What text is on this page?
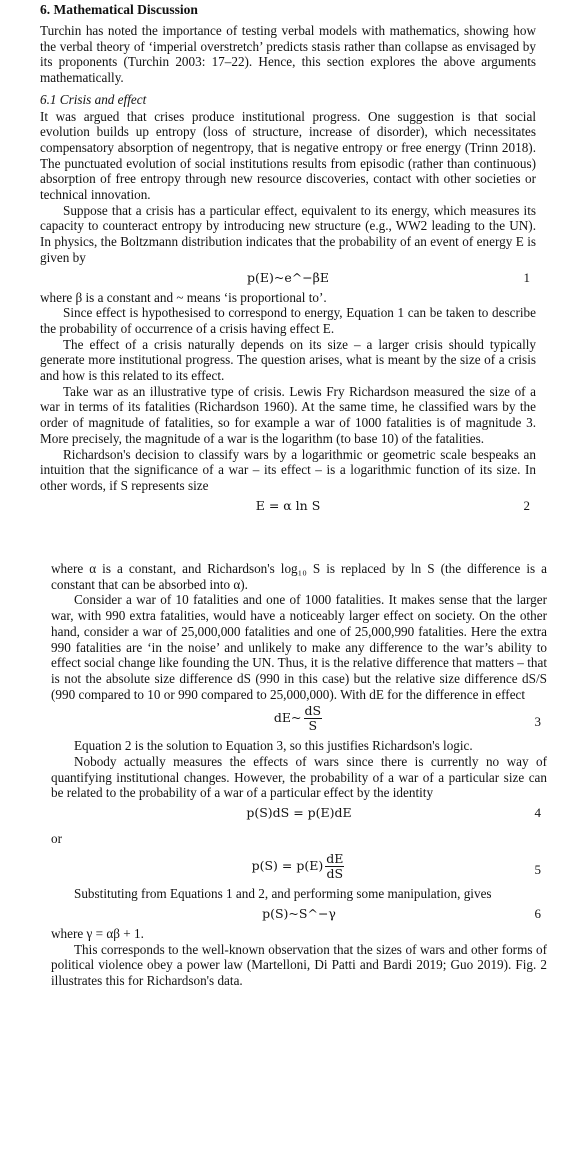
6. Mathematical Discussion

Turchin has noted the importance of testing verbal models with mathematics, showing how the verbal theory of ‘imperial overstretch’ predicts stasis rather than collapse as envisaged by its proponents (Turchin 2003: 17–22). Hence, this section explores the above arguments mathematically.

6.1 Crisis and effect

It was argued that crises produce institutional progress. One suggestion is that social evolution builds up entropy (loss of structure, increase of disorder), which necessitates compensatory absorption of negentropy, that is negative entropy or free energy (Trinn 2018). The punctuated evolution of social institutions results from episodic (rather than continuous) absorption of free entropy through new resource discoveries, contact with other societies or technical innovation.

Suppose that a crisis has a particular effect, equivalent to its energy, which measures its capacity to counteract entropy by introducing new structure (e.g., WW2 leading to the UN). In physics, the Boltzmann distribution indicates that the probability of an event of energy E is given by

p(E)~e^−βE	1

where β is a constant and ~ means ‘is proportional to’.

Since effect is hypothesised to correspond to energy, Equation 1 can be taken to describe the probability of occurrence of a crisis having effect E.

The effect of a crisis naturally depends on its size – a larger crisis should typically generate more institutional progress. The question arises, what is meant by the size of a crisis and how is this related to its effect.

Take war as an illustrative type of crisis. Lewis Fry Richardson measured the size of a war in terms of its fatalities (Richardson 1960). At the same time, he classified wars by the order of magnitude of fatalities, so for example a war of 1000 fatalities is of magnitude 3. More precisely, the magnitude of a war is the logarithm (to base 10) of the fatalities.

Richardson's decision to classify wars by a logarithmic or geometric scale bespeaks an intuition that the significance of a war – its effect – is a logarithmic function of its size. In other words, if S represents size

E = α ln S	2

where α is a constant, and Richardson's log₁₀ S is replaced by ln S (the difference is a constant that can be absorbed into α).

Consider a war of 10 fatalities and one of 1000 fatalities. It makes sense that the larger war, with 990 extra fatalities, would have a noticeably larger effect on society. On the other hand, consider a war of 25,000,000 fatalities and one of 25,000,990 fatalities. Here the extra 990 fatalities are ‘in the noise’ and unlikely to make any difference to the war’s ability to effect social change like founding the UN. Thus, it is the relative difference that matters – that is not the absolute size difference dS (990 in this case) but the relative size difference dS/S (990 compared to 10 or 990 compared to 25,000,000). With dE for the difference in effect

dE~ $\frac{dS}{S}$	3

Equation 2 is the solution to Equation 3, so this justifies Richardson's logic.

Nobody actually measures the effects of wars since there is currently no way of quantifying institutional changes. However, the probability of a war of a particular size can be related to the probability of a war of a particular effect by the identity

p(S)dS = p(E)dE	4
or
$p(S) = p(E) \frac{dE}{dS}$	5

Substituting from Equations 1 and 2, and performing some manipulation, gives

p(S)~S^−γ	6

where γ = αβ + 1.

This corresponds to the well-known observation that the sizes of wars and other forms of political violence obey a power law (Martelloni, Di Patti and Bardi 2019; Guo 2019). Fig. 2 illustrates this for Richardson's data.
